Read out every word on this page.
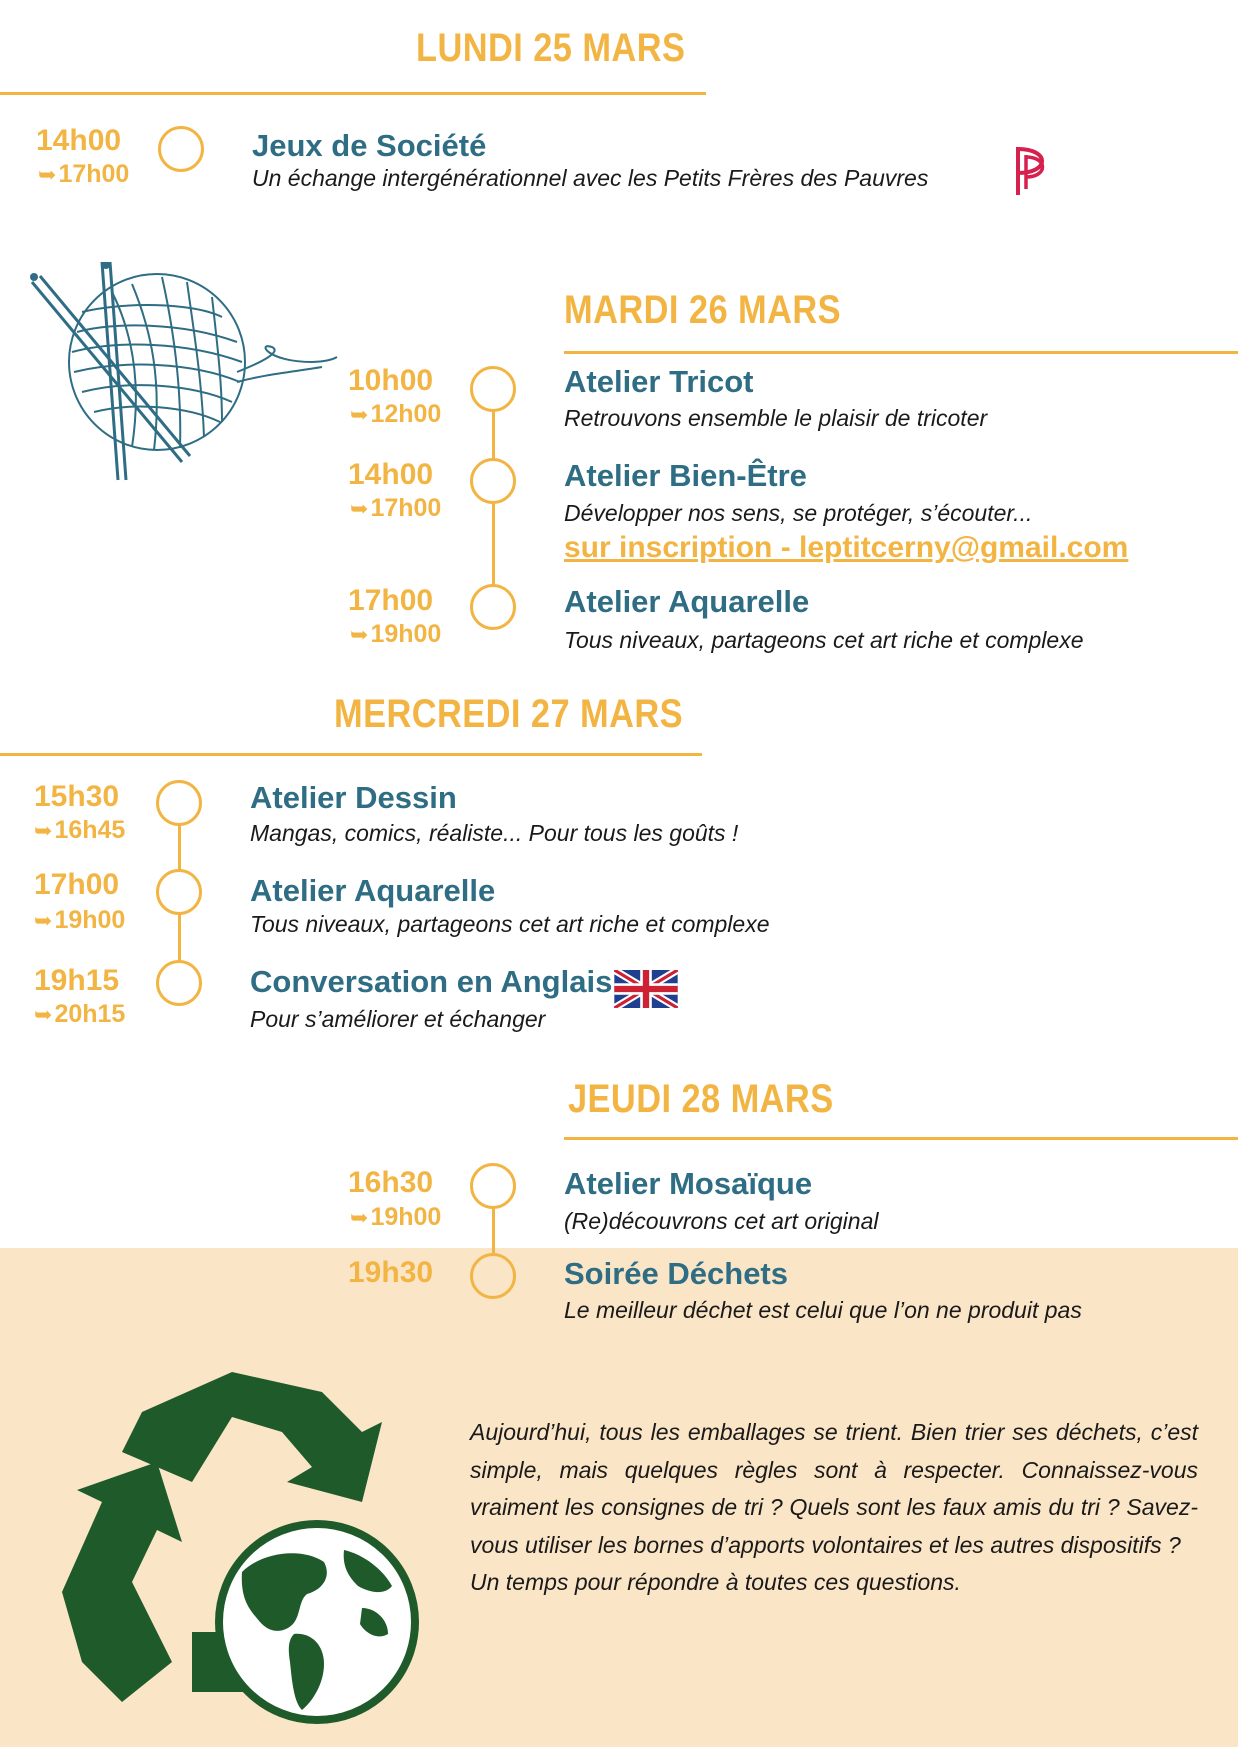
LUNDI 25 MARS
14h00
➥17h00
Jeux de Société
Un échange intergénérationnel avec les Petits Frères des Pauvres
MARDI 26 MARS
10h00
➥12h00
Atelier Tricot
Retrouvons ensemble le plaisir de tricoter
14h00
➥17h00
Atelier Bien-Être
Développer nos sens, se protéger, s’écouter...
sur inscription - leptitcerny@gmail.com
17h00
➥19h00
Atelier Aquarelle
Tous niveaux, partageons cet art riche et complexe
MERCREDI 27 MARS
15h30
➥16h45
Atelier Dessin
Mangas, comics, réaliste... Pour tous les goûts !
17h00
➥19h00
Atelier Aquarelle
Tous niveaux, partageons cet art riche et complexe
19h15
➥20h15
Conversation en Anglais
Pour s’améliorer et échanger
JEUDI 28 MARS
16h30
➥19h00
Atelier Mosaïque
(Re)découvrons cet art original
19h30	Soirée Déchets
Le meilleur déchet est celui que l’on ne produit pas

Aujourd’hui, tous les emballages se trient. Bien trier ses déchets, c’est simple, mais quelques règles sont à respecter. Connaissez-vous vraiment les consignes de tri ? Quels sont les faux amis du tri ? Savez-vous utiliser les bornes d’apports volontaires et les autres dispositifs ?

Un temps pour répondre à toutes ces questions.
